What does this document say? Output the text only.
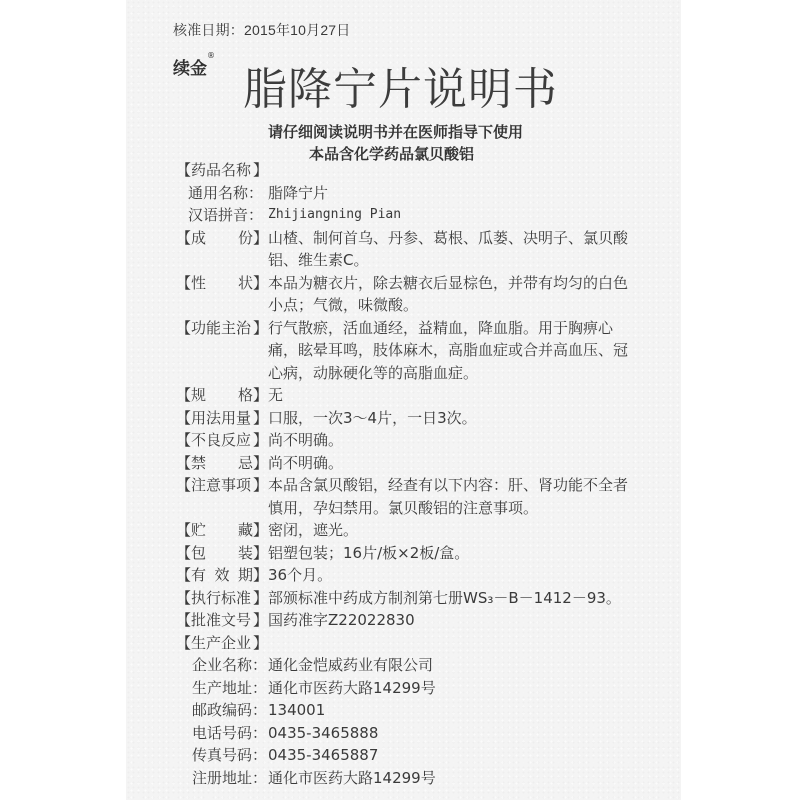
核准日期：2015年10月27日
续金®
脂降宁片说明书
请仔细阅读说明书并在医师指导下使用
本品含化学药品氯贝酸铝
【 药品名称 】
通用名称： 脂降宁片
汉语拼音： Zhijiangning Pian
【 成 份 】 山楂、制何首乌、丹参、葛根、瓜蒌、决明子、氯贝酸铝、维生素C。
【 性 状 】 本品为糖衣片，除去糖衣后显棕色，并带有均匀的白色小点；气微，味微酸。
【 功能主治 】 行气散瘀，活血通经，益精血，降血脂。用于胸痹心痛，眩晕耳鸣，肢体麻木，高脂血症或合并高血压、冠心病，动脉硬化等的高脂血症。
【 规 格 】 无
【 用法用量 】 口服，一次3～4片，一日3次。
【 不良反应 】 尚不明确。
【 禁 忌 】 尚不明确。
【 注意事项 】 本品含氯贝酸铝，经查有以下内容：肝、肾功能不全者慎用，孕妇禁用。氯贝酸铝的注意事项。
【 贮 藏 】 密闭，遮光。
【 包 装 】 铝塑包装；16片/板×2板/盒。
【 有 效 期 】 36个月。
【 执行标准 】 部颁标准中药成方制剂第七册WS₃－B－1412－93。
【 批准文号 】 国药准字Z22022830
【 生产企业 】
企业名称： 通化金恺威药业有限公司
生产地址： 通化市医药大路14299号
邮政编码： 134001
电话号码： 0435-3465888
传真号码： 0435-3465887
注册地址： 通化市医药大路14299号
